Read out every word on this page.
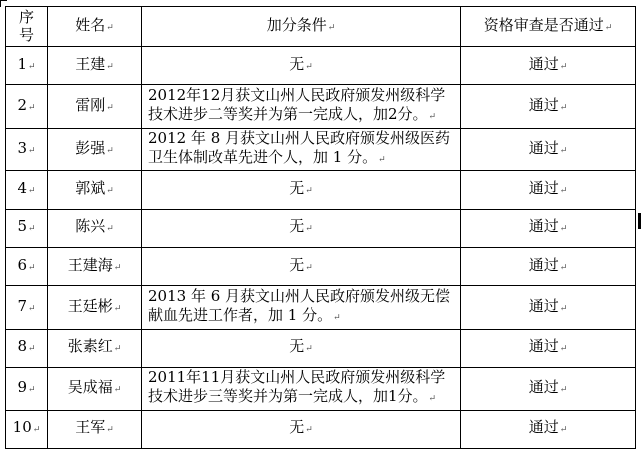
序号	姓名↵	加分条件↵	资格审查是否通过↵
1↵	王建↵	无↵	通过↵
2↵	雷刚↵	2012年12月获文山州人民政府颁发州级科学技术进步二等奖并为第一完成人，加2分。↵	通过↵
3↵	彭强↵	2012 年 8 月获文山州人民政府颁发州级医药卫生体制改革先进个人，加 1 分。↵	通过↵
4↵	郭斌↵	无↵	通过↵
5↵	陈兴↵	无↵	通过↵
6↵	王建海↵	无↵	通过↵
7↵	王廷彬↵	2013 年 6 月获文山州人民政府颁发州级无偿献血先进工作者，加 1 分。↵	通过↵
8↵	张素红↵	无↵	通过↵
9↵	吴成福↵	2011年11月获文山州人民政府颁发州级科学技术进步三等奖并为第一完成人，加1分。↵	通过↵
10↵	王军↵	无↵	通过↵
